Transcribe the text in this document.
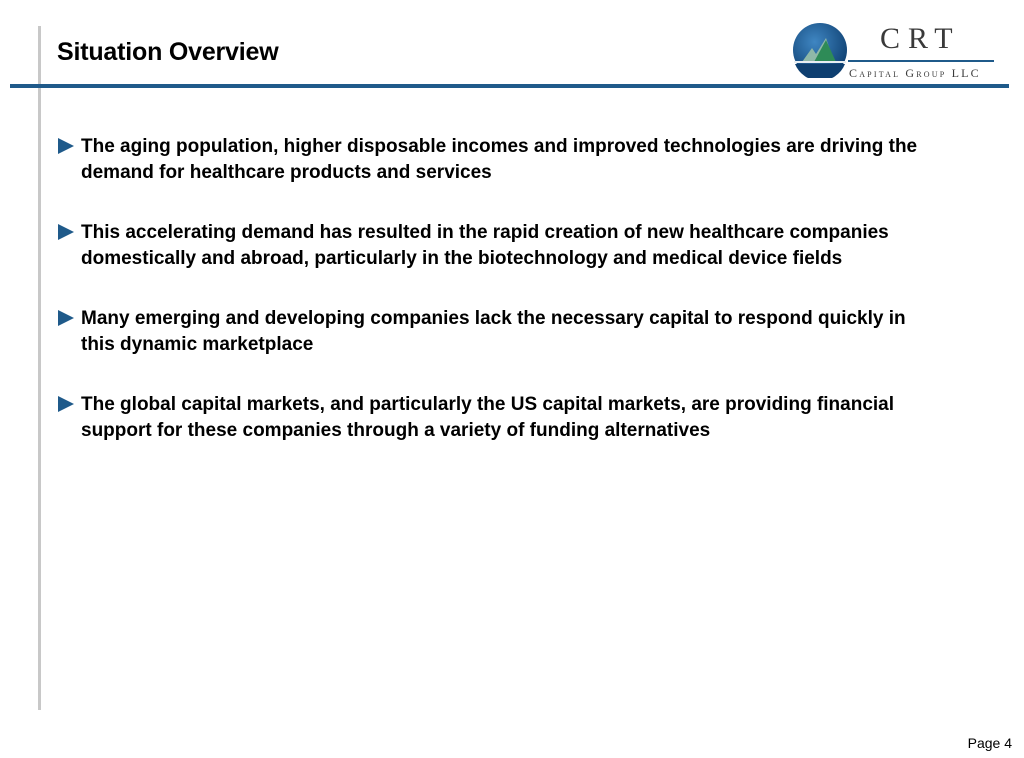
Situation Overview	CRT
Capital Group LLC
The aging population, higher disposable incomes and improved technologies are driving the demand for healthcare products and services
This accelerating demand has resulted in the rapid creation of new healthcare companies domestically and abroad, particularly in the biotechnology and medical device fields
Many emerging and developing companies lack the necessary capital to respond quickly in this dynamic marketplace
The global capital markets, and particularly the US capital markets, are providing financial support for these companies through a variety of funding alternatives
Page 4
